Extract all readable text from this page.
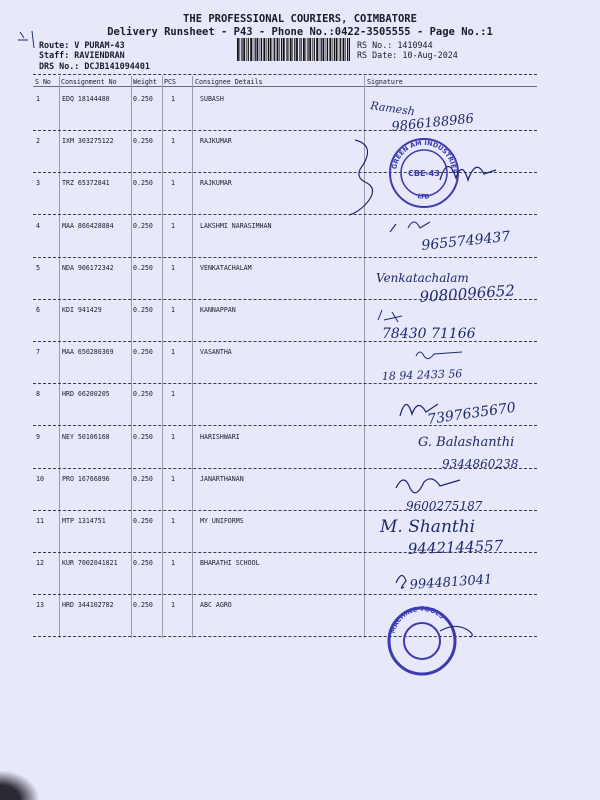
THE PROFESSIONAL COURIERS, COIMBATORE
Delivery Runsheet - P43 - Phone No.:0422-3505555 - Page No.:1
Route: V PURAM-43
Staff: RAVIENDRAN
DRS No.: DCJB141094401
RS No.: 1410944
RS Date: 10-Aug-2024
S No Consignment No Weight PCS	Consignee Details	Signature
1	EDQ 18144480	0.250	1	SUBASH
2	IXM 303275122	0.250	1	RAJKUMAR
3	TRZ 65372841	0.250	1	RAJKUMAR
4	MAA 866428884	0.250	1	LAKSHMI NARASIMHAN
5	NDA 906172342	0.250	1	VENKATACHALAM
6	KDI 941429	0.250	1	KANNAPPAN
7	MAA 650280369	0.250	1	VASANTHA
8	HRD 66200205	0.250	1
9	NEY 50106168	0.250	1	HARISHWARI
10	PRO 16766896	0.250	1	JANARTHANAN
11	MTP 1314751	0.250	1	MY UNIFORMS
12	KUR 7002041821 0.250	1	BHARATHI SCHOOL
13	HRD 344102782	0.250	1	ABC AGRO
Ramesh
9866188986
GREEN AM INDUSTRIES
LTD
CBE-43
9655749437
Venkatachalam
9080096652
78430 71166
18 94 2433 56
7397635670
G. Balashanthi
9344860238
9600275187
M. Shanthi
9442144557
9944813041
MACHINE TOOLS
